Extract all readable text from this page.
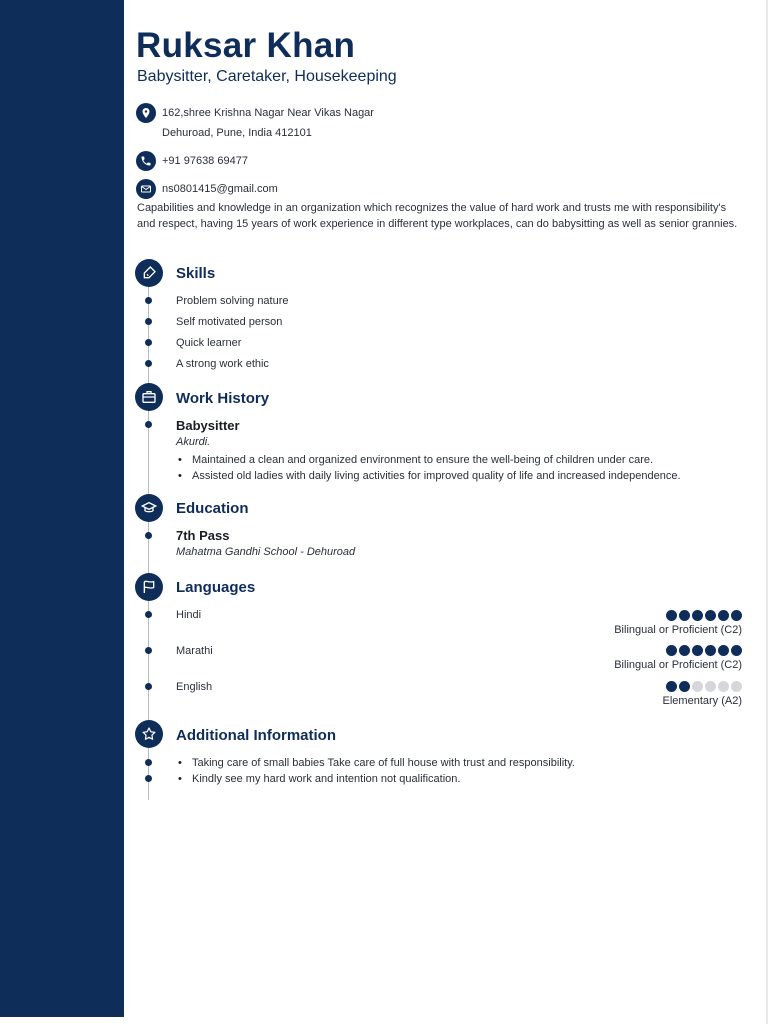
Ruksar Khan
Babysitter, Caretaker, Housekeeping
162,shree Krishna Nagar Near Vikas Nagar
Dehuroad, Pune, India 412101
+91 97638 69477
ns0801415@gmail.com
Capabilities and knowledge in an organization which recognizes the value of hard work and trusts me with responsibility's and respect, having 15 years of work experience in different type workplaces, can do babysitting as well as senior grannies.
Skills
Problem solving nature
Self motivated person
Quick learner
A strong work ethic
Work History
Babysitter
Akurdi.
• Maintained a clean and organized environment to ensure the well-being of children under care.
• Assisted old ladies with daily living activities for improved quality of life and increased independence.
Education
7th Pass
Mahatma Gandhi School - Dehuroad
Languages
Hindi
Bilingual or Proficient (C2)
Marathi
Bilingual or Proficient (C2)
English
Elementary (A2)
Additional Information
• Taking care of small babies Take care of full house with trust and responsibility.
• Kindly see my hard work and intention not qualification.
